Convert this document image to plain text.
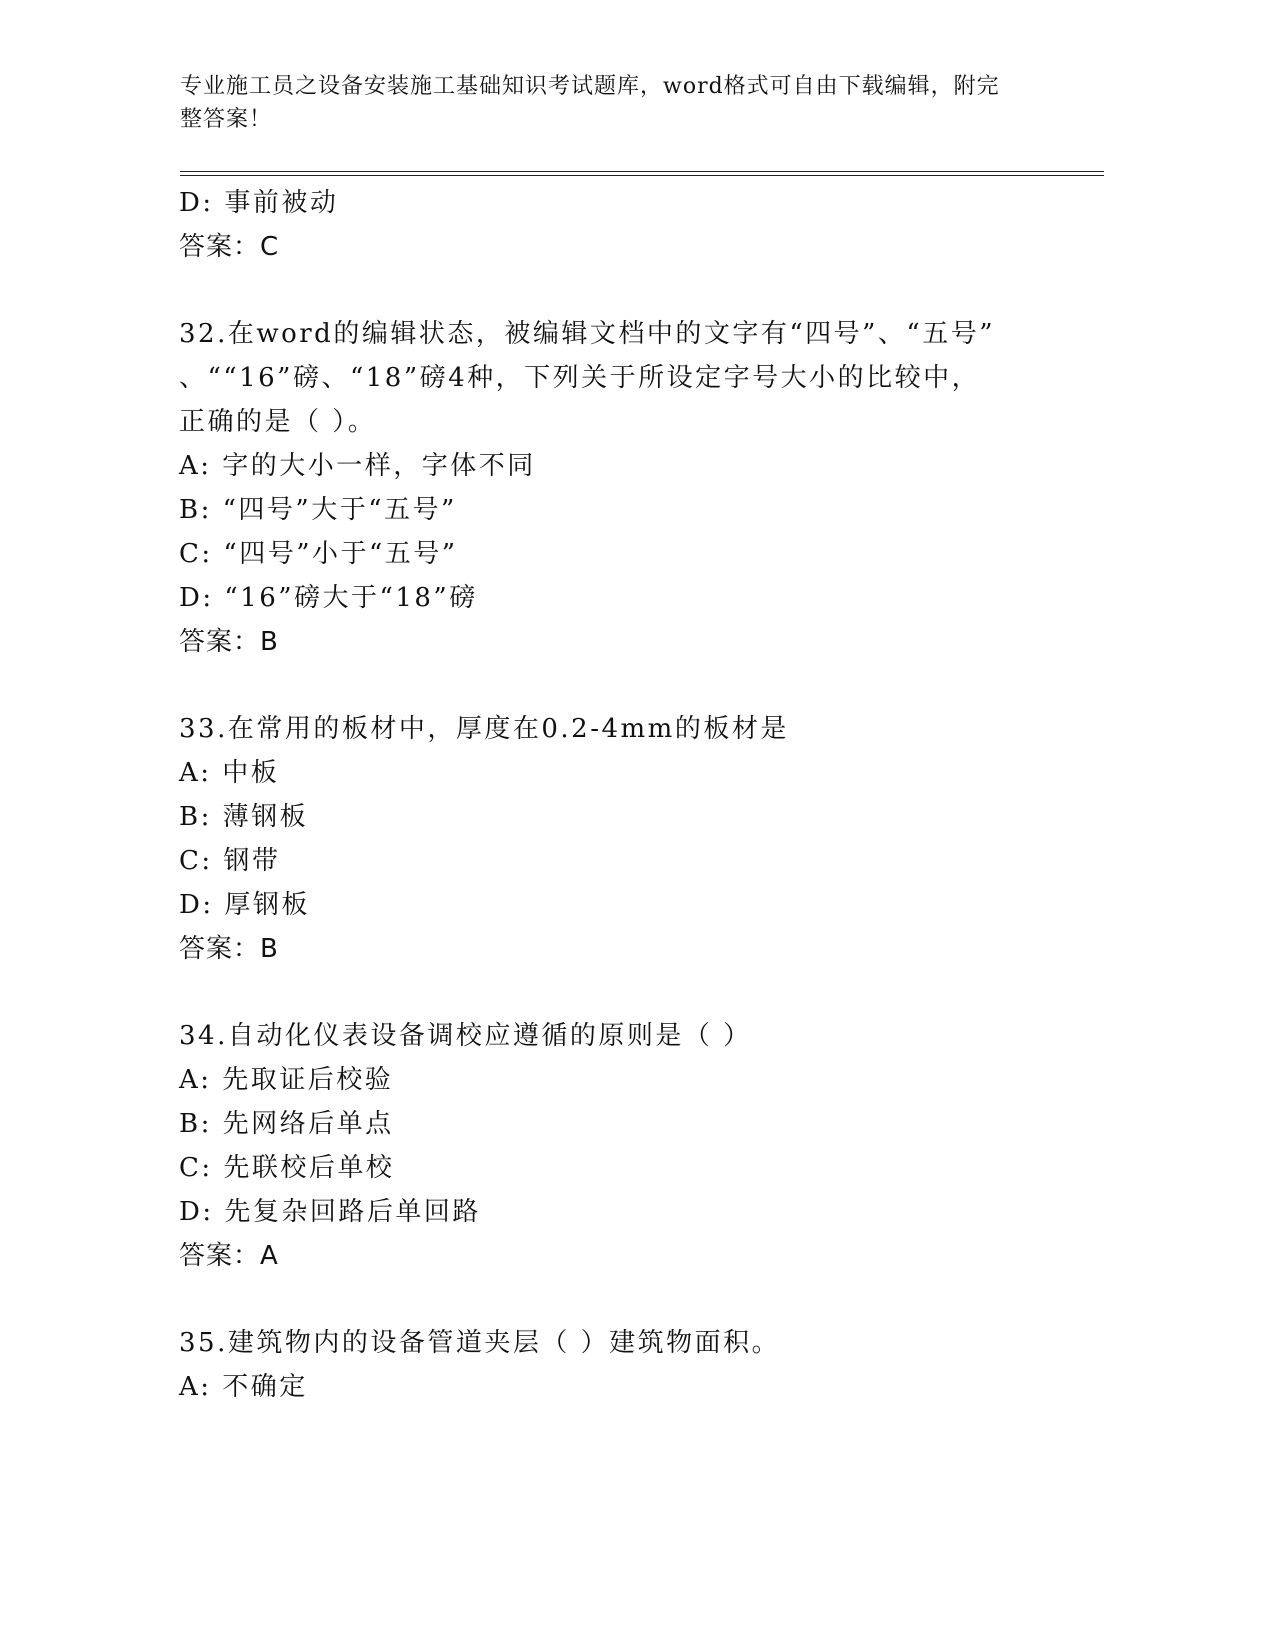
专业施工员之设备安装施工基础知识考试题库，word格式可自由下载编辑，附完
整答案！
D: 事前被动
答案：C
32.在word的编辑状态，被编辑文档中的文字有“四号”、“五号”
、““16”磅、“18”磅4种，下列关于所设定字号大小的比较中，
正确的是（ ）。
A: 字的大小一样，字体不同
B: “四号”大于“五号”
C: “四号”小于“五号”
D: “16”磅大于“18”磅
答案：B
33.在常用的板材中，厚度在0.2-4mm的板材是
A: 中板
B: 薄钢板
C: 钢带
D: 厚钢板
答案：B
34.自动化仪表设备调校应遵循的原则是（ ）
A: 先取证后校验
B: 先网络后单点
C: 先联校后单校
D: 先复杂回路后单回路
答案：A
35.建筑物内的设备管道夹层（ ）建筑物面积。
A: 不确定
